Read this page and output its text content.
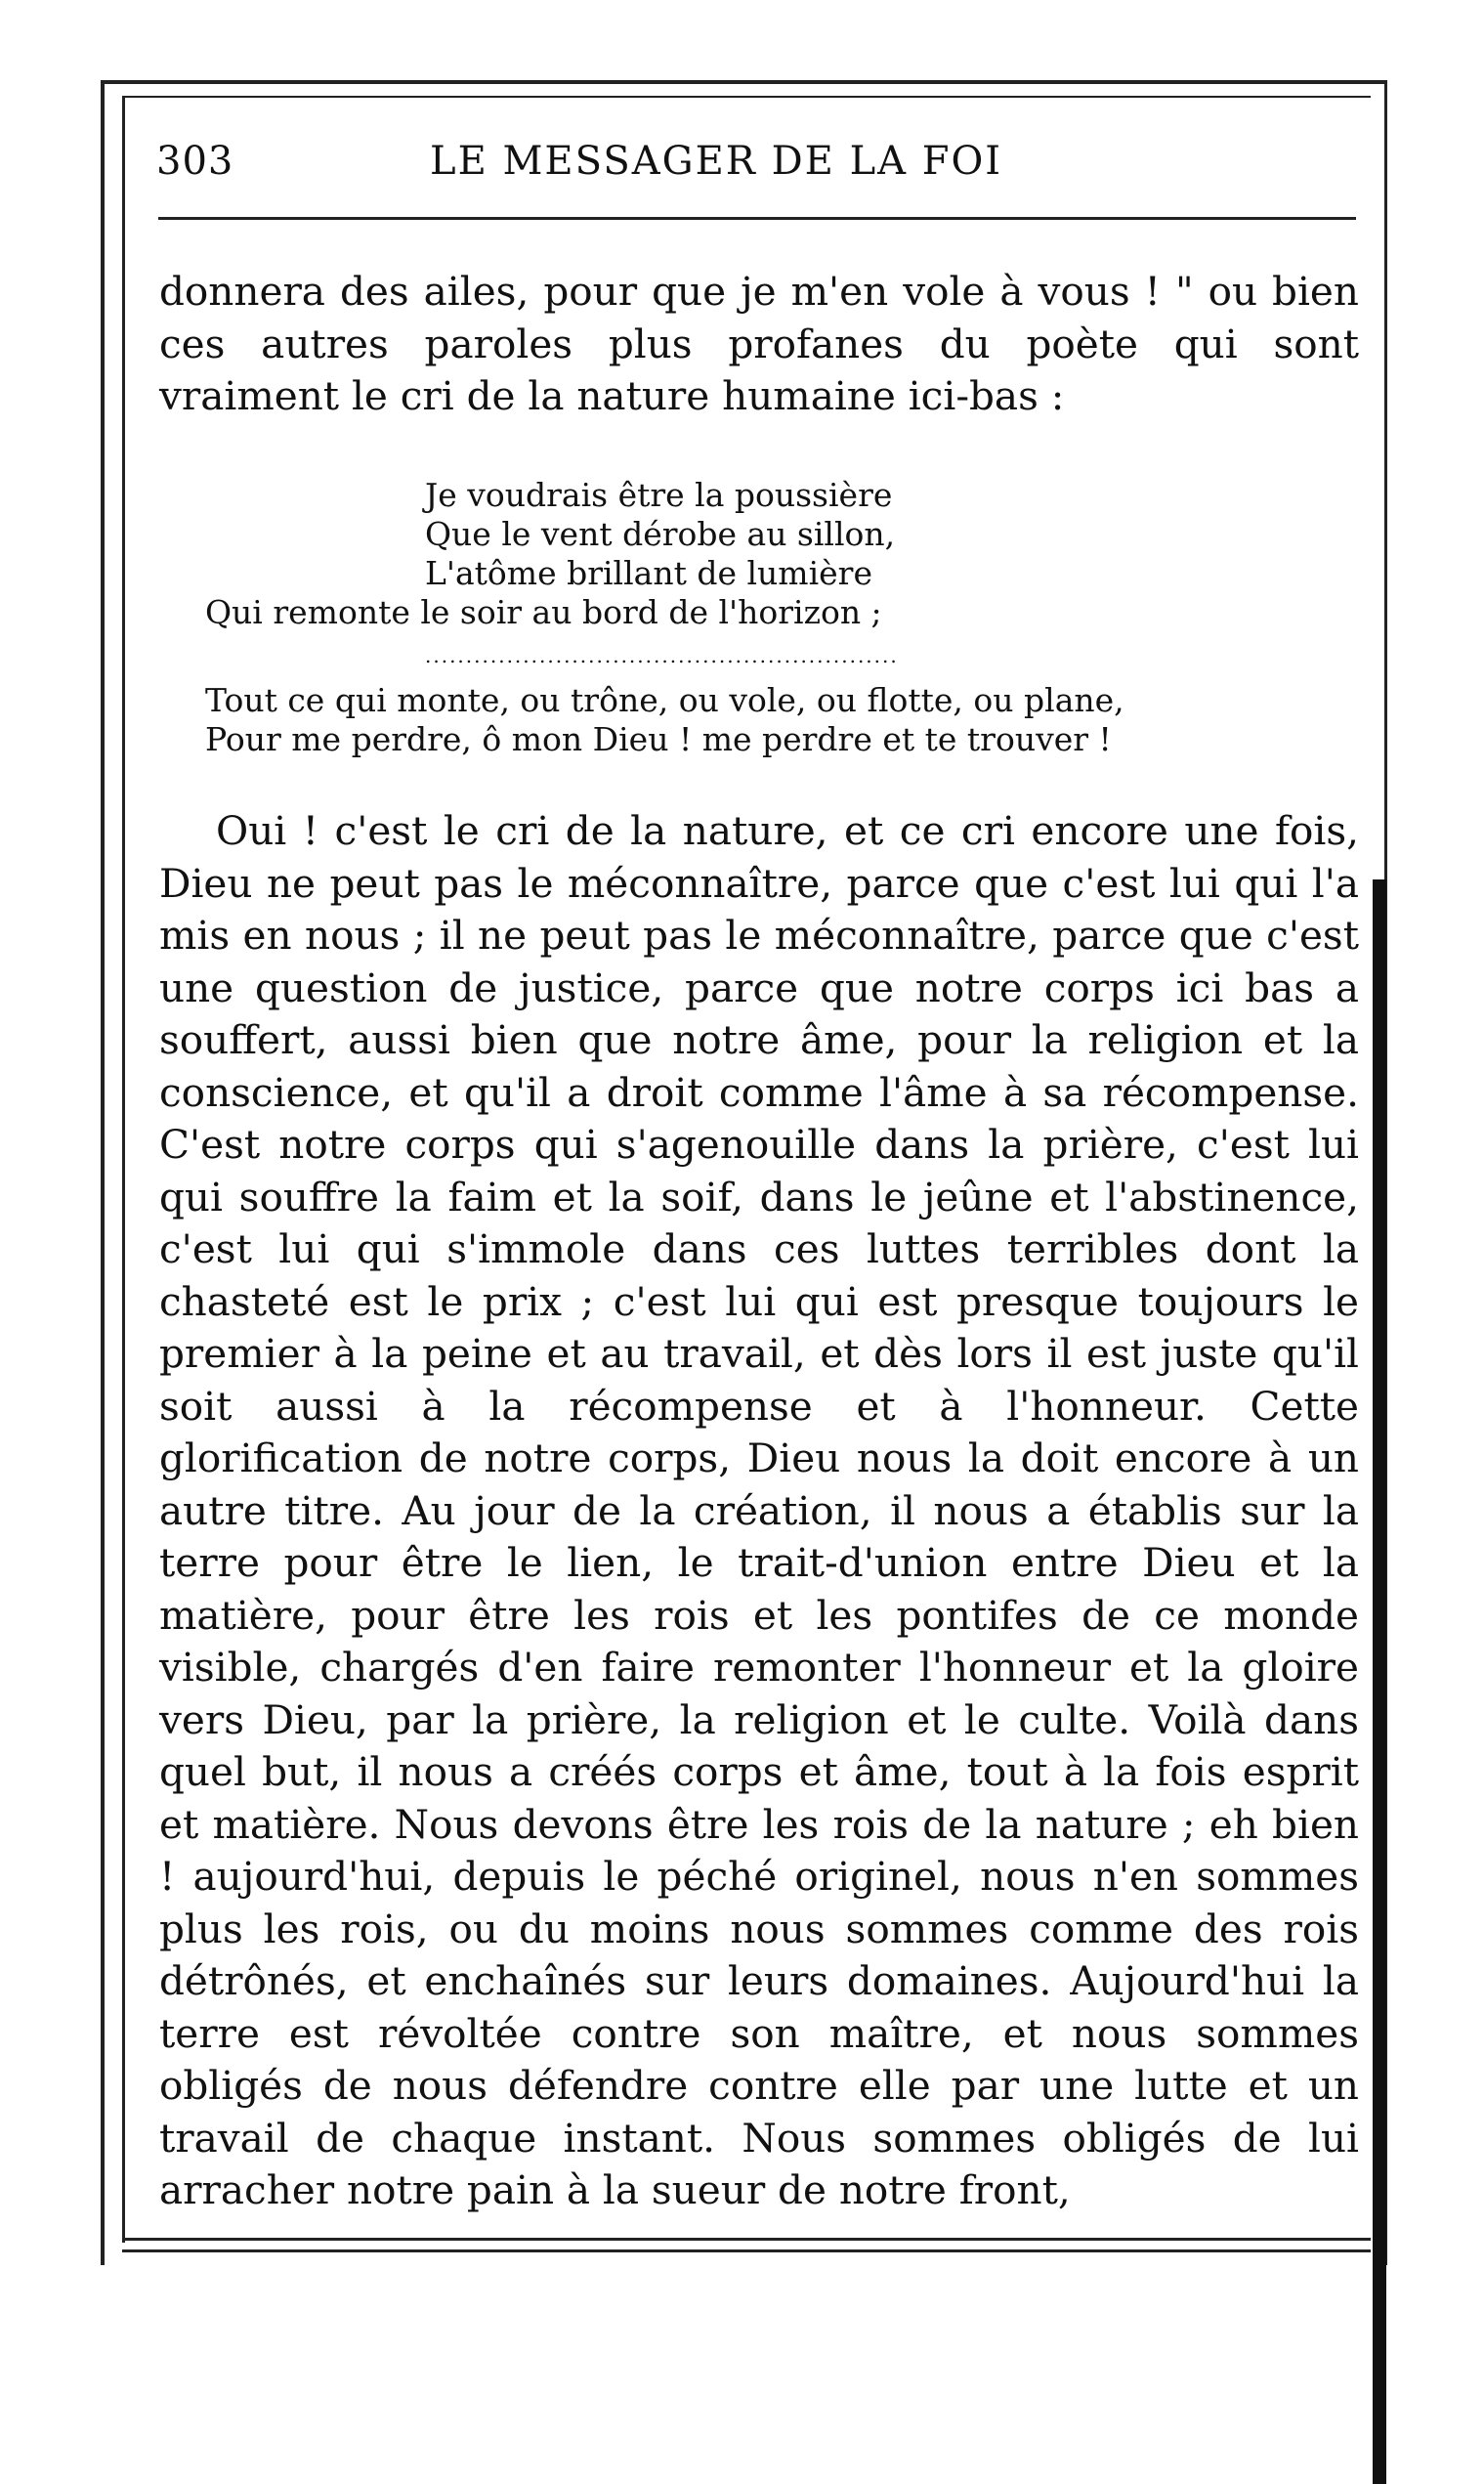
303	LE MESSAGER DE LA FOI

donnera des ailes, pour que je m'en vole à vous ! " ou bien ces autres paroles plus profanes du poète qui sont vraiment le cri de la nature humaine ici-bas :

Je voudrais être la poussière
Que le vent dérobe au sillon,
L'atôme brillant de lumière
Qui remonte le soir au bord de l'horizon ;
..........................................................
Tout ce qui monte, ou trône, ou vole, ou flotte, ou plane,
Pour me perdre, ô mon Dieu ! me perdre et te trouver !

Oui ! c'est le cri de la nature, et ce cri encore une fois, Dieu ne peut pas le méconnaître, parce que c'est lui qui l'a mis en nous ; il ne peut pas le méconnaître, parce que c'est une question de justice, parce que notre corps ici bas a souffert, aussi bien que notre âme, pour la religion et la conscience, et qu'il a droit comme l'âme à sa récompense. C'est notre corps qui s'agenouille dans la prière, c'est lui qui souffre la faim et la soif, dans le jeûne et l'abstinence, c'est lui qui s'immole dans ces luttes terribles dont la chasteté est le prix ; c'est lui qui est presque toujours le premier à la peine et au travail, et dès lors il est juste qu'il soit aussi à la récompense et à l'honneur. Cette glorification de notre corps, Dieu nous la doit encore à un autre titre. Au jour de la création, il nous a établis sur la terre pour être le lien, le trait-d'union entre Dieu et la matière, pour être les rois et les pontifes de ce monde visible, chargés d'en faire remonter l'honneur et la gloire vers Dieu, par la prière, la religion et le culte. Voilà dans quel but, il nous a créés corps et âme, tout à la fois esprit et matière. Nous devons être les rois de la nature ; eh bien ! aujourd'hui, depuis le péché originel, nous n'en sommes plus les rois, ou du moins nous sommes comme des rois détrônés, et enchaînés sur leurs domaines. Aujourd'hui la terre est révoltée contre son maître, et nous sommes obligés de nous défendre contre elle par une lutte et un travail de chaque instant. Nous sommes obligés de lui arracher notre pain à la sueur de notre front,
